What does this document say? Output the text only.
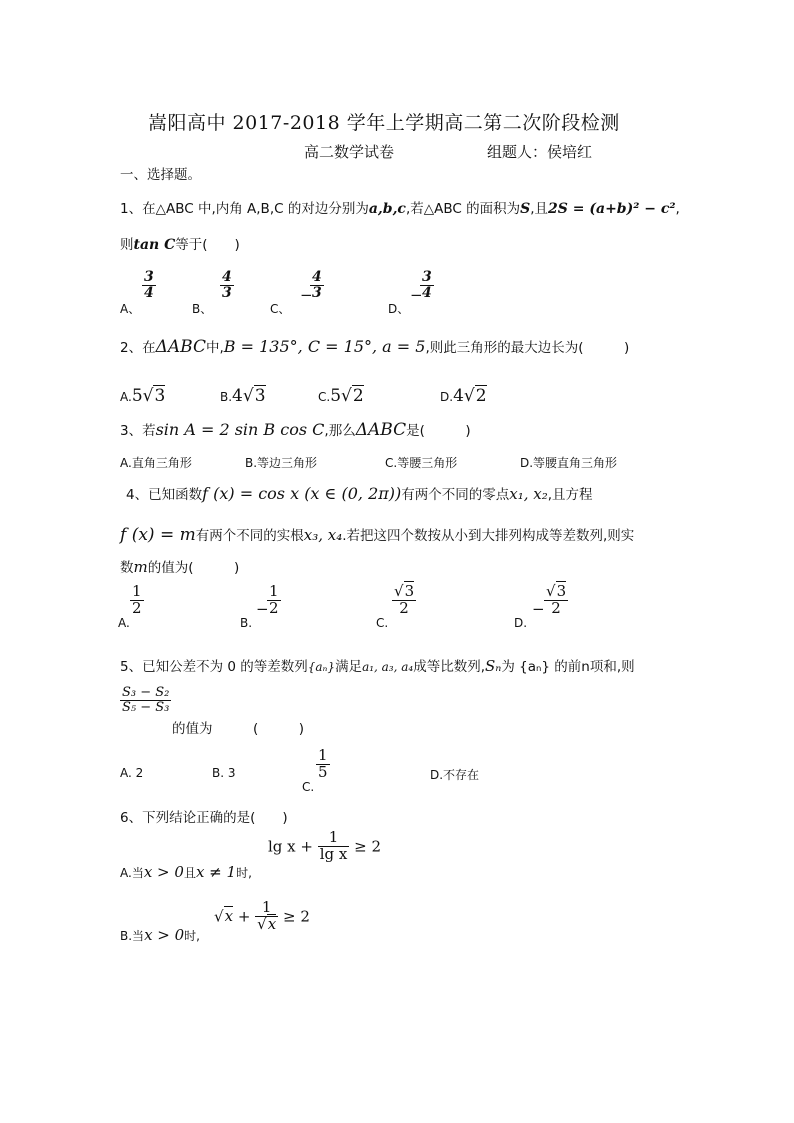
嵩阳高中 2017-2018 学年上学期高二第二次阶段检测
高二数学试卷	组题人：侯培红
一、选择题。
1、在△ABC 中,内角 A,B,C 的对边分别为a,b,c,若△ABC 的面积为S,且2S = (a+b)² − c²,
则tan C等于(　　)
A、
$\frac{3}{4}$
B、
$\frac{4}{3}$
C、
−
$\frac{4}{3}$
D、
−
$\frac{3}{4}$
2、在ΔABC中,B = 135°, C = 15°, a = 5,则此三角形的最大边长为(　　　)
A.5√3	B.4√3	C.5√2	D.4√2
3、若sin A = 2 sin B cos C,那么ΔABC是(　　　)
A.直角三角形	B.等边三角形	C.等腰三角形	D.等腰直角三角形
4、已知函数f (x) = cos x (x ∈ (0, 2π))有两个不同的零点x₁, x₂,且方程
f (x) = m有两个不同的实根x₃, x₄.若把这四个数按从小到大排列构成等差数列,则实
数m的值为(　　　)
A.
$\frac{1}{2}$
B.
−
$\frac{1}{2}$
C.
$\frac{√3}{2}$
D.
− $\frac{√3}{2}$
5、已知公差不为 0 的等差数列{aₙ}满足a₁, a₃, a₄成等比数列,Sₙ为 {aₙ} 的前n项和,则
$\frac{\text{S₃ − S₂}}{\text{S₅ − S₃}}$
的值为　　　(　　　)
A. 2	B. 3
C.
$\frac{1}{5}$	D.不存在
6、下列结论正确的是(　　)
A.当x > 0且x ≠ 1时,
$\lg x + \frac{1}{\text{lg x}} \ge 2$
B.当x > 0时,
$√x + \frac{1}{√x} \ge 2$
